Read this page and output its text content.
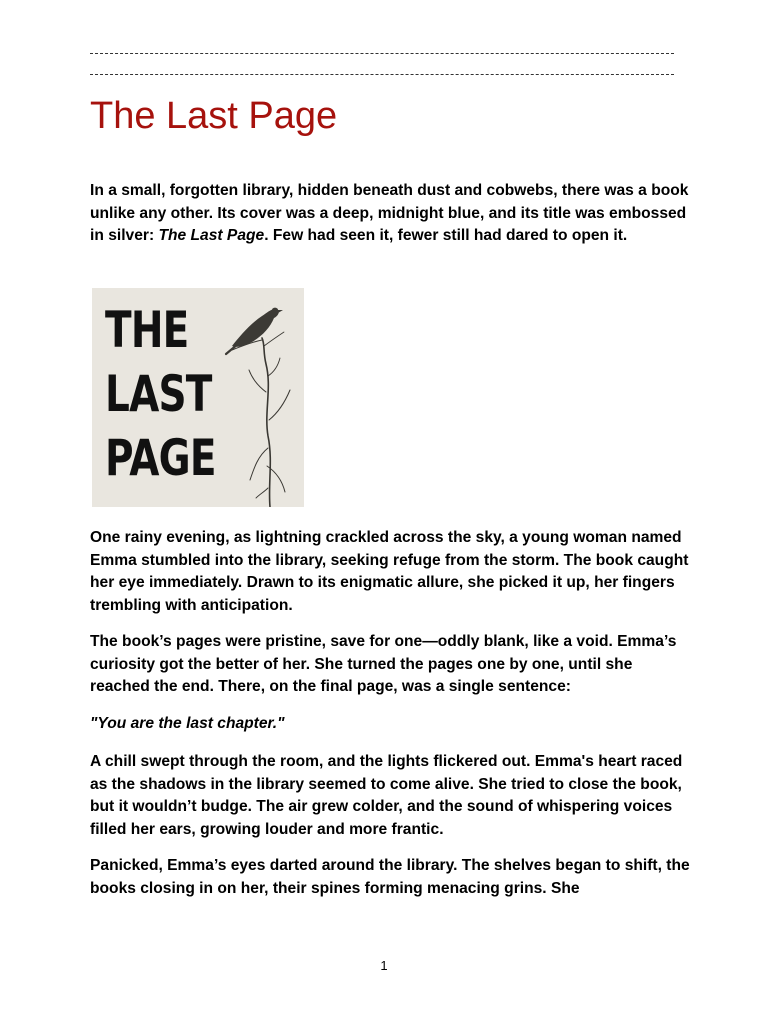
The Last Page

In a small, forgotten library, hidden beneath dust and cobwebs, there was a book unlike any other. Its cover was a deep, midnight blue, and its title was embossed in silver: The Last Page. Few had seen it, fewer still had dared to open it.

THE
LAST
PAGE

One rainy evening, as lightning crackled across the sky, a young woman named Emma stumbled into the library, seeking refuge from the storm. The book caught her eye immediately. Drawn to its enigmatic allure, she picked it up, her fingers trembling with anticipation.

The book’s pages were pristine, save for one—oddly blank, like a void. Emma’s curiosity got the better of her. She turned the pages one by one, until she reached the end. There, on the final page, was a single sentence:

"You are the last chapter."

A chill swept through the room, and the lights flickered out. Emma's heart raced as the shadows in the library seemed to come alive. She tried to close the book, but it wouldn’t budge. The air grew colder, and the sound of whispering voices filled her ears, growing louder and more frantic.

Panicked, Emma’s eyes darted around the library. The shelves began to shift, the books closing in on her, their spines forming menacing grins. She

1
